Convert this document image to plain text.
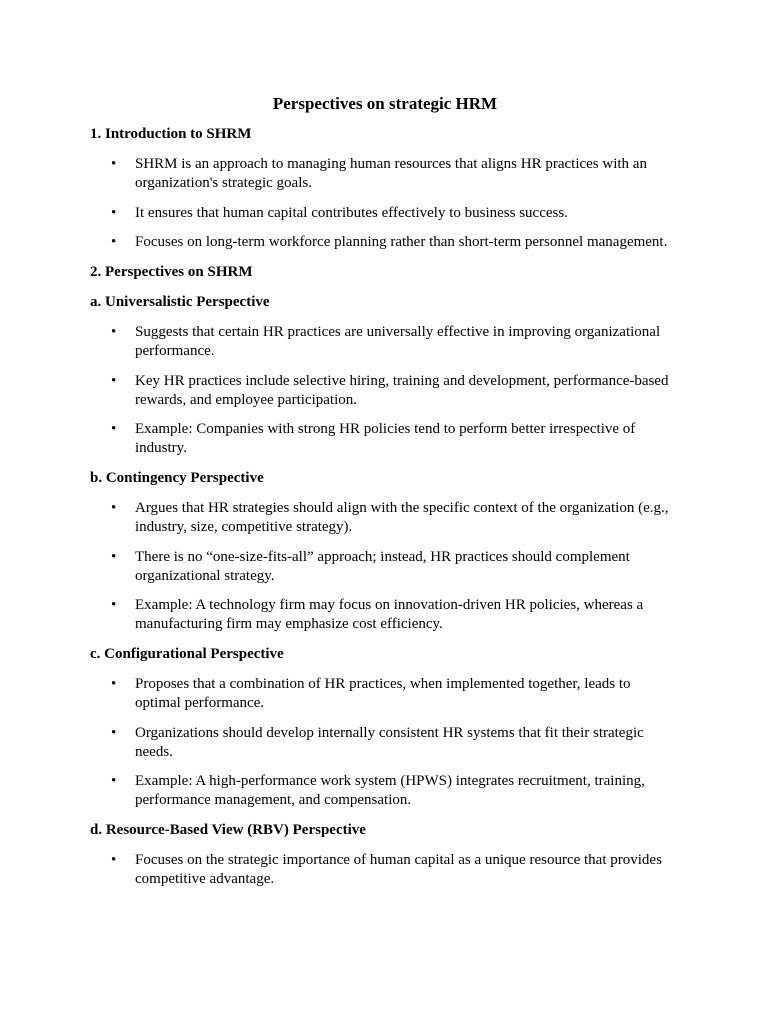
Perspectives on strategic HRM
1. Introduction to SHRM
• SHRM is an approach to managing human resources that aligns HR practices with an organization's strategic goals.
• It ensures that human capital contributes effectively to business success.
• Focuses on long-term workforce planning rather than short-term personnel management.
2. Perspectives on SHRM
a. Universalistic Perspective
• Suggests that certain HR practices are universally effective in improving organizational performance.
• Key HR practices include selective hiring, training and development, performance-based rewards, and employee participation.
• Example: Companies with strong HR policies tend to perform better irrespective of industry.
b. Contingency Perspective
• Argues that HR strategies should align with the specific context of the organization (e.g., industry, size, competitive strategy).
• There is no “one-size-fits-all” approach; instead, HR practices should complement organizational strategy.
• Example: A technology firm may focus on innovation-driven HR policies, whereas a manufacturing firm may emphasize cost efficiency.
c. Configurational Perspective
• Proposes that a combination of HR practices, when implemented together, leads to optimal performance.
• Organizations should develop internally consistent HR systems that fit their strategic needs.
• Example: A high-performance work system (HPWS) integrates recruitment, training, performance management, and compensation.
d. Resource-Based View (RBV) Perspective
• Focuses on the strategic importance of human capital as a unique resource that provides competitive advantage.
